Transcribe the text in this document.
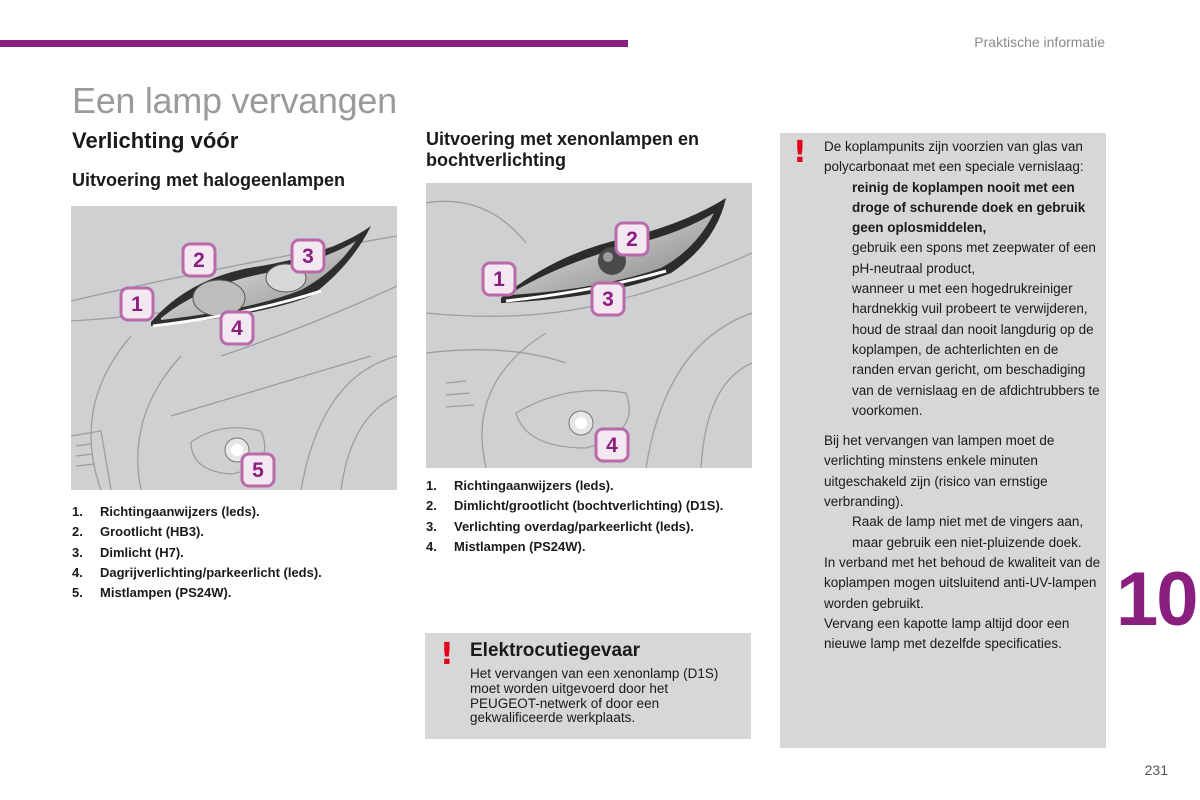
Praktische informatie
Een lamp vervangen
Verlichting vóór
Uitvoering met halogeenlampen
1
2	3
4
5
1.	Richtingaanwijzers (leds).
2.	Grootlicht (HB3).
3.	Dimlicht (H7).
4.	Dagrijverlichting/parkeerlicht (leds).
5.	Mistlampen (PS24W).
Uitvoering met xenonlampen en bochtverlichting
1
2
3
4
1.	Richtingaanwijzers (leds).
2.	Dimlicht/grootlicht (bochtverlichting) (D1S).
3.	Verlichting overdag/parkeerlicht (leds).
4.	Mistlampen (PS24W).
! Elektrocutiegevaar
Het vervangen van een xenonlamp (D1S) moet worden uitgevoerd door het PEUGEOT-netwerk of door een gekwalificeerde werkplaats.
! De koplampunits zijn voorzien van glas van polycarbonaat met een speciale vernislaag:

reinig de koplampen nooit met een droge of schurende doek en gebruik geen oplosmiddelen,
gebruik een spons met zeepwater of een pH-neutraal product,
wanneer u met een hogedrukreiniger hardnekkig vuil probeert te verwijderen, houd de straal dan nooit langdurig op de koplampen, de achterlichten en de randen ervan gericht, om beschadiging van de vernislaag en de afdichtrubbers te voorkomen.

Bij het vervangen van lampen moet de verlichting minstens enkele minuten uitgeschakeld zijn (risico van ernstige verbranding).

Raak de lamp niet met de vingers aan, maar gebruik een niet-pluizende doek.

In verband met het behoud de kwaliteit van de koplampen mogen uitsluitend anti-UV-lampen worden gebruikt.

Vervang een kapotte lamp altijd door een nieuwe lamp met dezelfde specificaties.

10
231
